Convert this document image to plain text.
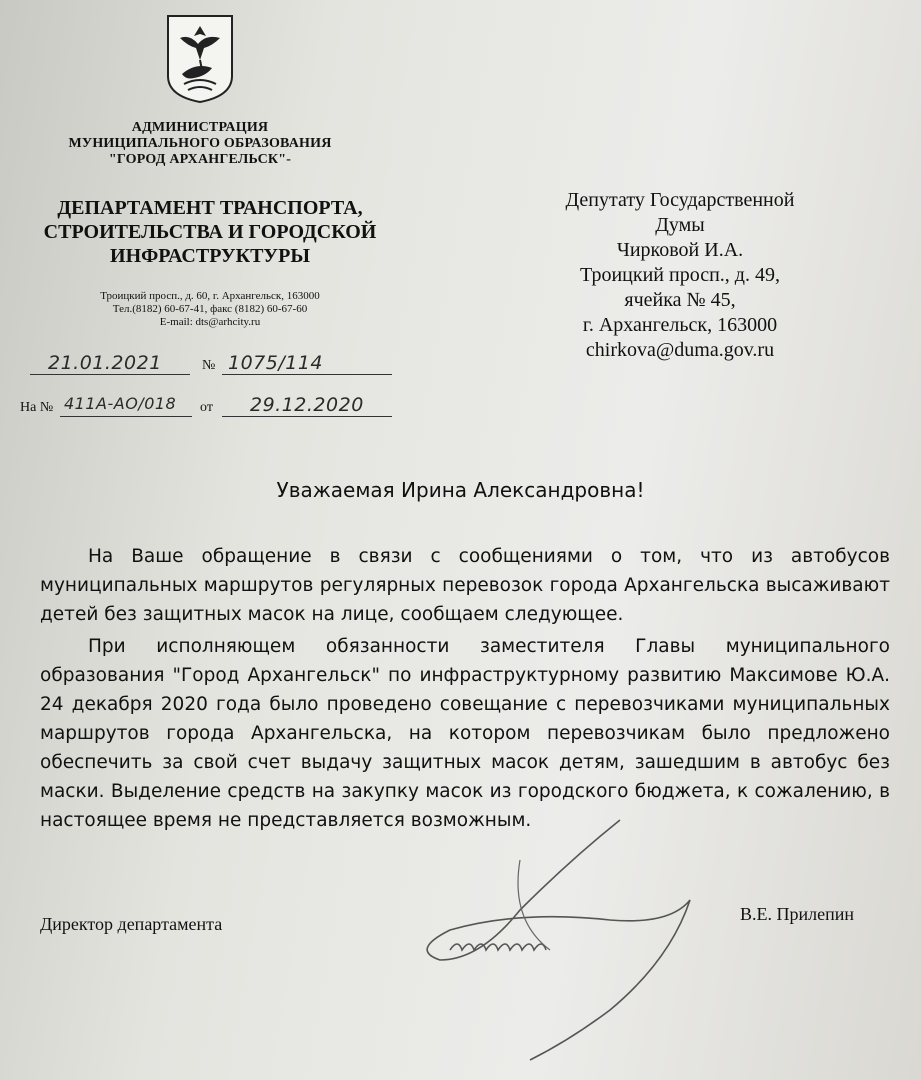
АДМИНИСТРАЦИЯ
МУНИЦИПАЛЬНОГО ОБРАЗОВАНИЯ
"ГОРОД АРХАНГЕЛЬСК"-
ДЕПАРТАМЕНТ ТРАНСПОРТА,
СТРОИТЕЛЬСТВА И ГОРОДСКОЙ
ИНФРАСТРУКТУРЫ
Троицкий просп., д. 60, г. Архангельск, 163000
Тел.(8182) 60-67-41, факс (8182) 60-67-60
E-mail: dts@arhcity.ru
Депутату Государственной Думы
Чирковой И.А.
Троицкий просп., д. 49,
ячейка № 45,
г. Архангельск, 163000
chirkova@duma.gov.ru
21.01.2021	№ 1075/114
На № 411А-АО/018	от	29.12.2020
Уважаемая Ирина Александровна!

На Ваше обращение в связи с сообщениями о том, что из автобусов муниципальных маршрутов регулярных перевозок города Архангельска высаживают детей без защитных масок на лице, сообщаем следующее.

При исполняющем обязанности заместителя Главы муниципального образования "Город Архангельск" по инфраструктурному развитию Максимове Ю.А. 24 декабря 2020 года было проведено совещание с перевозчиками муниципальных маршрутов города Архангельска, на котором перевозчикам было предложено обеспечить за свой счет выдачу защитных масок детям, зашедшим в автобус без маски. Выделение средств на закупку масок из городского бюджета, к сожалению, в настоящее время не представляется возможным.

Директор департамента	В.Е. Прилепин
